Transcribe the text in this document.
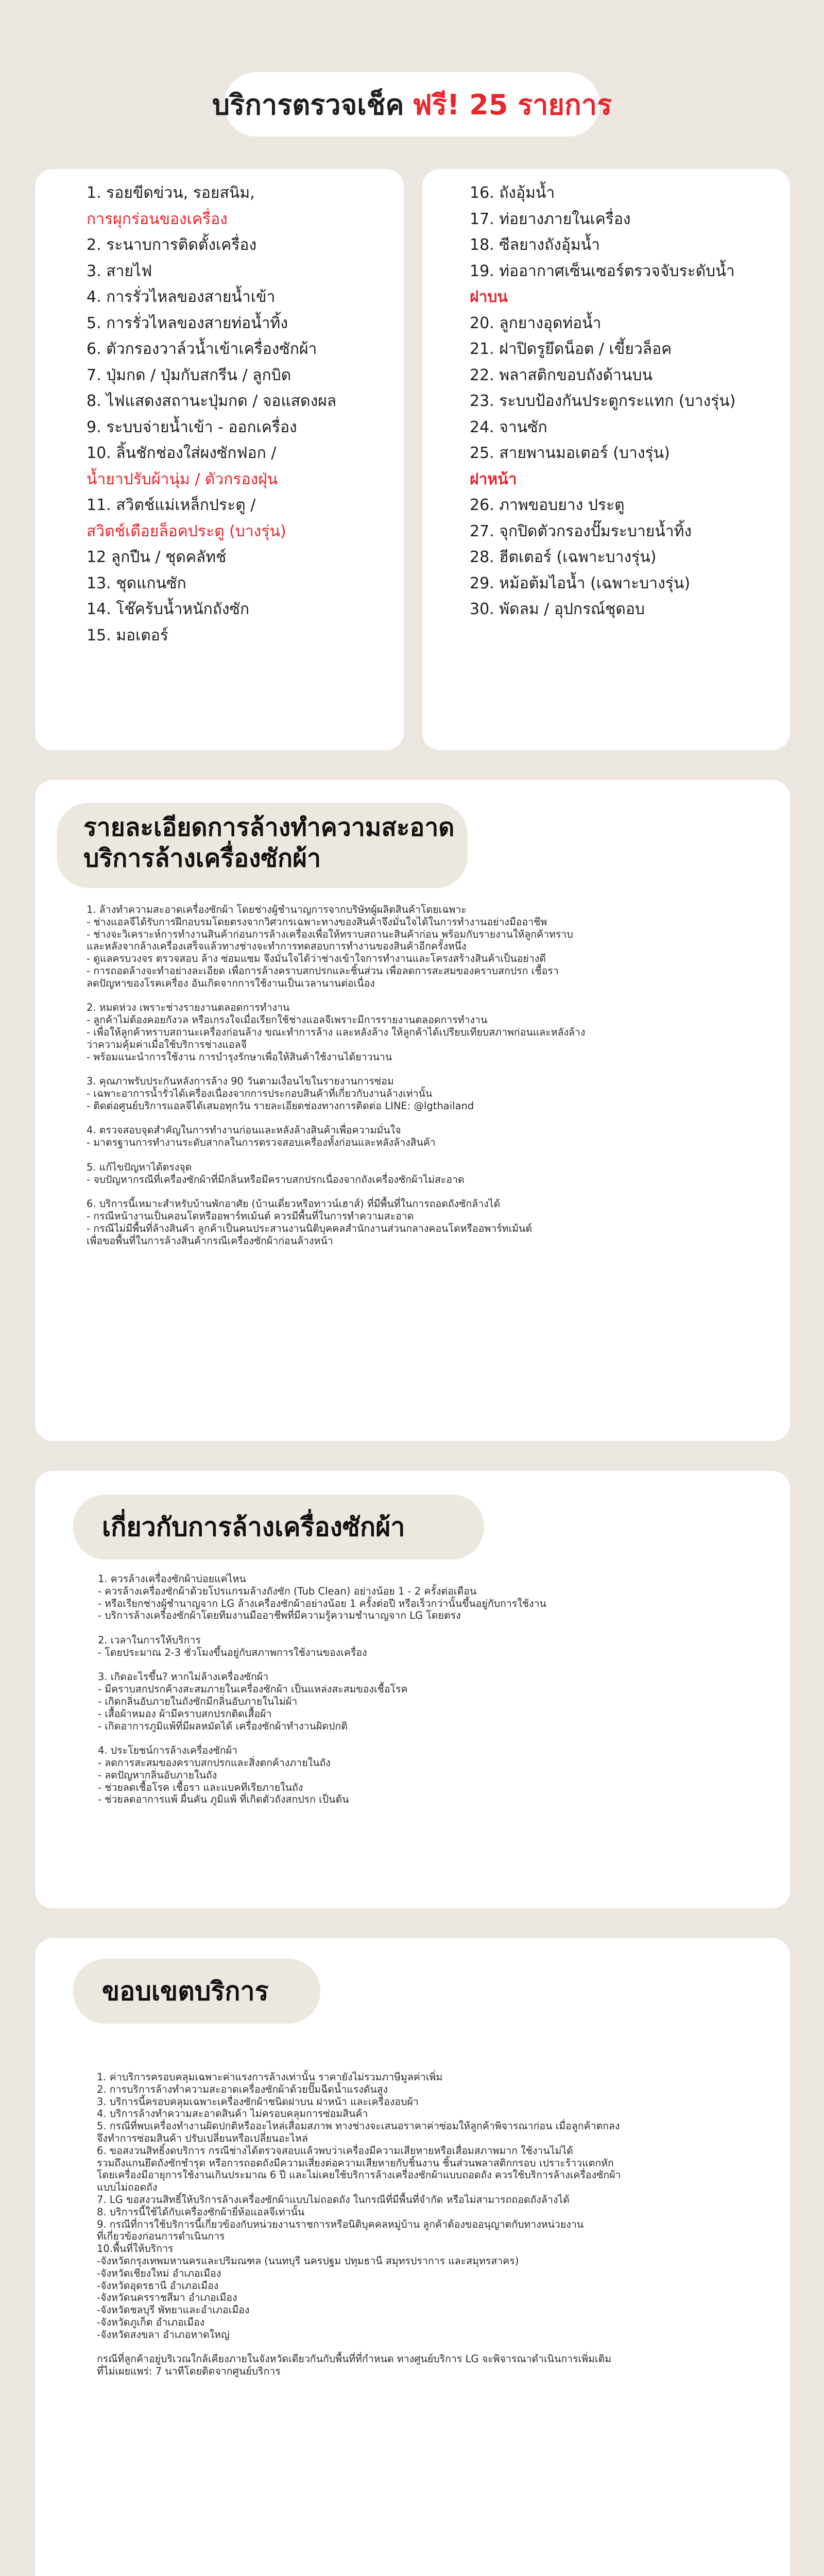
บริการตรวจเช็ค ฟรี! 25 รายการ
1. รอยขีดข่วน, รอยสนิม,
การผุกร่อนของเครื่อง
2. ระนาบการติดตั้งเครื่อง
3. สายไฟ
4. การรั่วไหลของสายน้ำเข้า
5. การรั่วไหลของสายท่อน้ำทิ้ง
6. ตัวกรองวาล์วน้ำเข้าเครื่องซักผ้า
7. ปุ่มกด / ปุ่มกับสกรีน / ลูกบิด
8. ไฟแสดงสถานะปุ่มกด / จอแสดงผล
9. ระบบจ่ายน้ำเข้า - ออกเครื่อง
10. ลิ้นชักช่องใส่ผงซักฟอก /
น้ำยาปรับผ้านุ่ม / ตัวกรองฝุ่น
11. สวิตช์แม่เหล็กประตู /
สวิตช์เดือยล็อคประตู (บางรุ่น)
12 ลูกปืน / ชุดคลัทช์
13. ชุดแกนซัก
14. โช๊คร้บน้ำหนักถังซัก
15. มอเตอร์
16. ถังอุ้มน้ำ
17. ท่อยางภายในเครื่อง
18. ซีลยางถังอุ้มน้ำ
19. ท่ออากาศเซ็นเซอร์ตรวจจับระดับน้ำ
ฝาบน
20. ลูกยางอุดท่อน้ำ
21. ฝาปิดรูยึดน็อต / เขี้ยวล็อค
22. พลาสติกขอบถังด้านบน
23. ระบบป้องกันประตูกระแทก (บางรุ่น)
24. จานซัก
25. สายพานมอเตอร์ (บางรุ่น)
ฝาหน้า
26. ภาพขอบยาง ประตู
27. จุกปิดตัวกรองปั๊มระบายน้ำทิ้ง
28. ฮีตเตอร์ (เฉพาะบางรุ่น)
29. หม้อต้มไอน้ำ (เฉพาะบางรุ่น)
30. พัดลม / อุปกรณ์ชุดอบ
รายละเอียดการล้างทำความสะอาด
บริการล้างเครื่องซักผ้า
1. ล้างทำความสะอาดเครื่องซักผ้า โดยช่างผู้ชำนาญการจากบริษัทผู้ผลิตสินค้าโดยเฉพาะ
- ช่างแอลจีได้รับการฝึกอบรมโดยตรงจากวิศวกรเฉพาะทางของสินค้าจึงมั่นใจได้ในการทำงานอย่างมืออาชีพ
- ช่างจะวิเคราะห์การทำงานสินค้าก่อนการล้างเครื่องเพื่อให้ทราบสถานะสินค้าก่อน พร้อมกับรายงานให้ลูกค้าทราบ
และหลังจากล้างเครื่องเสร็จแล้วทางช่างจะทำการทดสอบการทำงานของสินค้าอีกครั้งหนึ่ง
- ดูแลครบวงจร ตรวจสอบ ล้าง ซ่อมแซม จึงมั่นใจได้ว่าช่างเข้าใจการทำงานและโครงสร้างสินค้าเป็นอย่างดี
- การถอดล้างจะทำอย่างละเอียด เพื่อการล้างคราบสกปรกและชิ้นส่วน เพื่อลดการสะสมของคราบสกปรก เชื้อรา
ลดปัญหาของโรคเครื่อง อันเกิดจากการใช้งานเป็นเวลานานต่อเนื่อง
2. หมดห่วง เพราะช่างรายงานตลอดการทำงาน
- ลูกค้าไม่ต้องคอยกังวล หรือเกรงใจเมื่อเรียกใช้ช่างแอลจีเพราะมีการรายงานตลอดการทำงาน
- เพื่อให้ลูกค้าทราบสถานะเครื่องก่อนล้าง ขณะทำการล้าง และหลังล้าง ให้ลูกค้าได้เปรียบเทียบสภาพก่อนและหลังล้าง
ว่าความคุ้มค่าเมื่อใช้บริการช่างแอลจี
- พร้อมแนะนำการใช้งาน การบำรุงรักษาเพื่อให้สินค้าใช้งานได้ยาวนาน
3. คุณภาพรับประกันหลังการล้าง 90 วันตามเงื่อนไขในรายงานการซ่อม
- เฉพาะอาการน้ำรั่วได้เครื่องเนื่องจากการประกอบสินค้าที่เกี่ยวกับงานล้างเท่านั้น
- ติดต่อศูนย์บริการแอลจีได้เสมอทุกวัน รายละเอียดช่องทางการติดต่อ LINE: @lgthailand
4. ตรวจสอบจุดสำคัญในการทำงานก่อนและหลังล้างสินค้าเพื่อความมั่นใจ
- มาตรฐานการทำงานระดับสากลในการตรวจสอบเครื่องทั้งก่อนและหลังล้างสินค้า
5. แก้ไขปัญหาได้ตรงจุด
- จบปัญหากรณีที่เครื่องซักผ้าที่มีกลิ่นหรือมีคราบสกปรกเนื่องจากถังเครื่องซักผ้าไม่สะอาด
6. บริการนี้เหมาะสำหรับบ้านพักอาศัย (บ้านเดี่ยวหรือทาวน์เฮาส์) ที่มีพื้นที่ในการถอดถังซักล้างได้
- กรณีหน้างานเป็นคอนโดหรืออพาร์ทเม้นต์ ควรมีพื้นที่ในการทำความสะอาด
- กรณีไม่มีพื้นที่ล้างสินค้า ลูกค้าเป็นคนประสานงานนิติบุคคลสำนักงานส่วนกลางคอนโดหรืออพาร์ทเม้นต์
เพื่อขอพื้นที่ในการล้างสินค้ากรณีเครื่องซักผ้าก่อนล้างหน้า
เกี่ยวกับการล้างเครื่องซักผ้า
1. ควรล้างเครื่องซักผ้าบ่อยแค่ไหน
- ควรล้างเครื่องซักผ้าด้วยโปรแกรมล้างถังซัก (Tub Clean) อย่างน้อย 1 - 2 ครั้งต่อเดือน
- หรือเรียกช่างผู้ชำนาญจาก LG ล้างเครื่องซักผ้าอย่างน้อย 1 ครั้งต่อปี หรือเร็วกว่านั้นขึ้นอยู่กับการใช้งาน
- บริการล้างเครื่องซักผ้าโดยทีมงานมืออาชีพที่มีความรู้ความชำนาญจาก LG โดยตรง
2. เวลาในการให้บริการ
- โดยประมาณ 2-3 ชั่วโมงขึ้นอยู่กับสภาพการใช้งานของเครื่อง
3. เกิดอะไรขึ้น? หากไม่ล้างเครื่องซักผ้า
- มีคราบสกปรกค้างสะสมภายในเครื่องซักผ้า เป็นแหล่งสะสมของเชื้อโรค
- เกิดกลิ่นอับภายในถังซักมีกลิ่นอับภายในไม่ผ้า
- เสื้อผ้าหมอง ผ้ามีคราบสกปรกติดเสื้อผ้า
- เกิดอาการภูมิแพ้ที่มีผลหมัดได้ เครื่องซักผ้าทำงานผิดปกติ
4. ประโยชน์การล้างเครื่องซักผ้า
- ลดการสะสมของคราบสกปรกและสิ่งตกค้างภายในถัง
- ลดปัญหากลิ่นอับภายในถัง
- ช่วยลดเชื้อโรค เชื้อรา และแบคทีเรียภายในถัง
- ช่วยลดอาการแพ้ ผื่นคัน ภูมิแพ้ ที่เกิดตัวถังสกปรก เป็นต้น
ขอบเขตบริการ
1. ค่าบริการครอบคลุมเฉพาะค่าแรงการล้างเท่านั้น ราคายังไม่รวมภาษีมูลค่าเพิ่ม
2. การบริการล้างทำความสะอาดเครื่องซักผ้าด้วยปั๊มฉีดน้ำแรงดันสูง
3. บริการนี้ครอบคลุมเฉพาะเครื่องซักผ้าชนิดฝาบน ฝาหน้า และเครื่องอบผ้า
4. บริการล้างทำความสะอาดสินค้า ไม่ครอบคลุมการซ่อมสินค้า
5. กรณีที่พบเครื่องทำงานผิดปกติหรืออะไหล่เสื่อมสภาพ ทางช่างจะเสนอราคาค่าซ่อมให้ลูกค้าพิจารณาก่อน เมื่อลูกค้าตกลง
จึงทำการซ่อมสินค้า ปรับเปลี่ยนหรือเปลี่ยนอะไหล่
6. ขอสงวนสิทธิ์งดบริการ กรณีช่างได้ตรวจสอบแล้วพบว่าเครื่องมีความเสียหายหรือเสื่อมสภาพมาก ใช้งานไม่ได้
รวมถึงแกนยึดถังซักชำรุด หรือการถอดถังมีความเสี่ยงต่อความเสียหายกับชิ้นงาน ชิ้นส่วนพลาสติกกรอบ เปราะร้าวแตกหัก
โดยเครื่องมีอายุการใช้งานเกินประมาณ 6 ปี และไม่เคยใช้บริการล้างเครื่องซักผ้าแบบถอดถัง ควรใช้บริการล้างเครื่องซักผ้า
แบบไม่ถอดถัง
7. LG ขอสงวนสิทธิ์ให้บริการล้างเครื่องซักผ้าแบบไม่ถอดถัง ในกรณีที่มีพื้นที่จำกัด หรือไม่สามารถถอดถังล้างได้
8. บริการนี้ใช้ได้กับเครื่องซักผ้ายี่ห้อแอลจีเท่านั้น
9. กรณีที่การใช้บริการนี้เกี่ยวข้องกับหน่วยงานราชการหรือนิติบุคคลหมู่บ้าน ลูกค้าต้องขออนุญาตกับทางหน่วยงาน
ที่เกี่ยวข้องก่อนการดำเนินการ
10.พื้นที่ให้บริการ
-จังหวัดกรุงเทพมหานครและปริมณฑล (นนทบุรี นครปฐม ปทุมธานี สมุทรปราการ และสมุทรสาคร)
-จังหวัดเชียงใหม่ อำเภอเมือง
-จังหวัดอุดรธานี อำเภอเมือง
-จังหวัดนครราชสีมา อำเภอเมือง
-จังหวัดชลบุรี พัทยาและอำเภอเมือง
-จังหวัดภูเก็ต อำเภอเมือง
-จังหวัดสงขลา อำเภอหาดใหญ่
กรณีที่ลูกค้าอยู่บริเวณใกล้เคียงภายในจังหวัดเดียวกันกับพื้นที่ที่กำหนด ทางศูนย์บริการ LG จะพิจารณาดำเนินการเพิ่มเติม
ที่ไม่เผยแพร่: 7 นาทีโดยติดจากศูนย์บริการ
